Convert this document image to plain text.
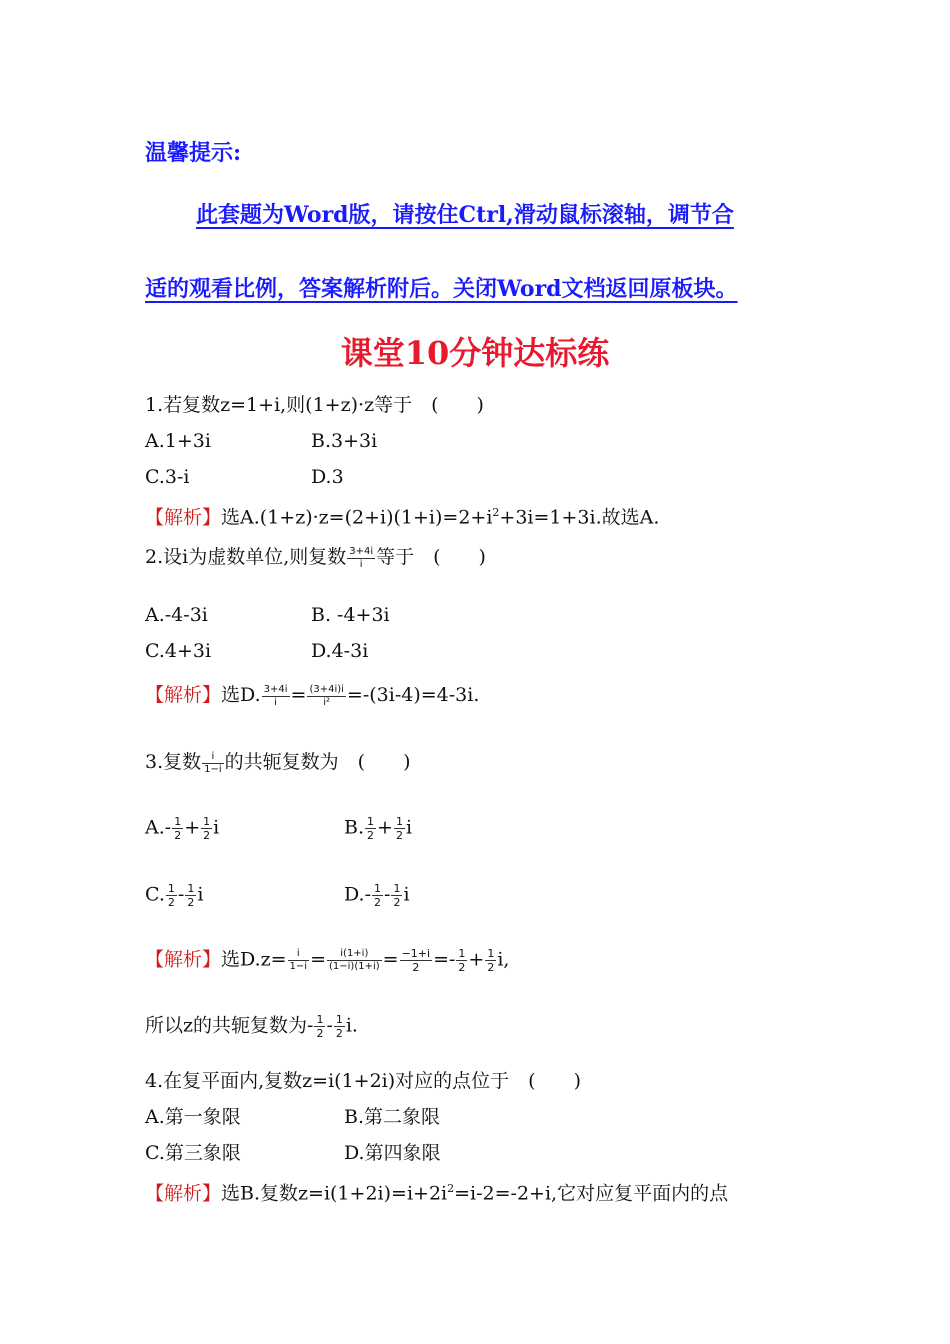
温馨提示:
此套题为Word版，请按住Ctrl,滑动鼠标滚轴，调节合
适的观看比例，答案解析附后。关闭Word文档返回原板块。
课堂10分钟达标练
1.若复数z=1+i,则(1+z)·z等于　(　　)
A.1+3i	B.3+3i
C.3-i	D.3
【解析】选$A.(1+z)\cdot z=(2+i)(1+i)=2+i^2+3i=1+3i$.故选A.
2.设i为虚数单位,则复数 $\frac{3+4i}{i}$ 等于　(　　)
A.-4-3i	B. -4+3i
C.4+3i	D.4-3i
【解析】选D. $\frac{3+4i}{i} = \frac{(3+4i)i}{\text{i²}} =-(3i-4)=4-3i$.
3.复数 $\frac{i}{1-i}$ 的共轭复数为　(　　)
$A.- \frac{1}{2} + \frac{1}{2}$ i	B. $\frac{1}{2} + \frac{1}{2}$ i
C. $\frac{1}{2} - \frac{1}{2}$ i	$D.- \frac{1}{2} - \frac{1}{2}$ i
【解析】选$D.z= \frac{i}{1-i} = \frac{i(1+i)}{(1-i)(1+i)} = \frac{-1+i}{2} =- \frac{1}{2} + \frac{1}{2} i$,
所以z的共轭复数为- $\frac{1}{2} - \frac{1}{2} i$.
4.在复平面内,复数z=i(1+2i)对应的点位于　(　　)
A.第一象限	B.第二象限
C.第三象限	D.第四象限
【解析】选B.复数$z=i(1+2i)=i+2i^2=i-2=-2+i$,它对应复平面内的点
